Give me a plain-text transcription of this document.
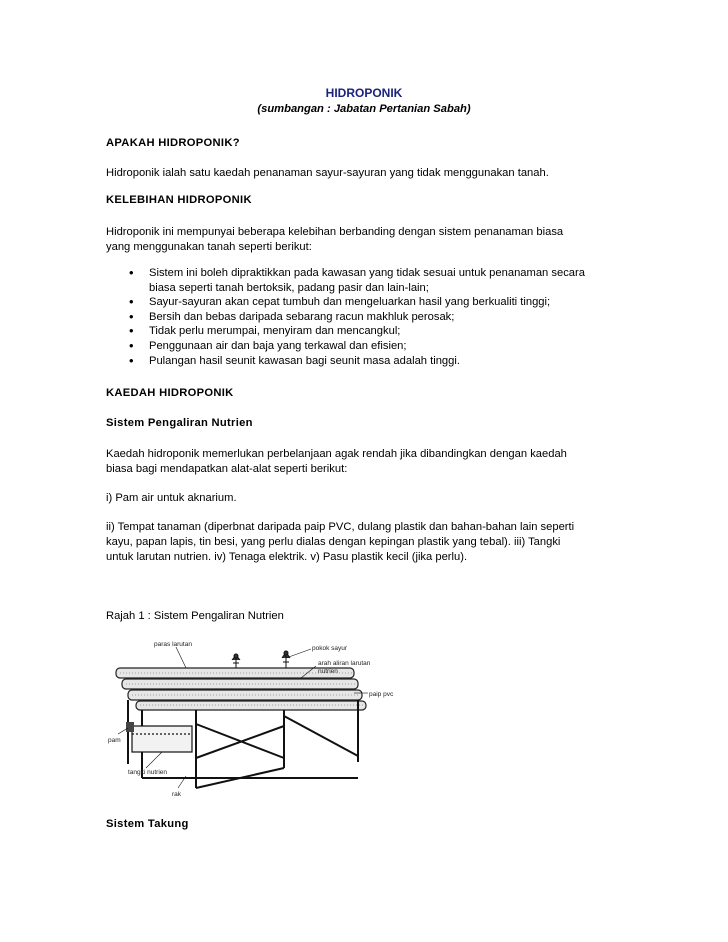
HIDROPONIK
(sumbangan : Jabatan Pertanian Sabah)
APAKAH HIDROPONIK?
Hidroponik ialah satu kaedah penanaman sayur-sayuran yang tidak menggunakan tanah.
KELEBIHAN HIDROPONIK
Hidroponik ini mempunyai beberapa kelebihan berbanding dengan sistem penanaman biasa
yang menggunakan tanah seperti berikut:
• Sistem ini boleh dipraktikkan pada kawasan yang tidak sesuai untuk penanaman secara
biasa seperti tanah bertoksik, padang pasir dan lain-lain;
• Sayur-sayuran akan cepat tumbuh dan mengeluarkan hasil yang berkualiti tinggi;
• Bersih dan bebas daripada sebarang racun makhluk perosak;
• Tidak perlu merumpai, menyiram dan mencangkul;
• Penggunaan air dan baja yang terkawal dan efisien;
• Pulangan hasil seunit kawasan bagi seunit masa adalah tinggi.
KAEDAH HIDROPONIK
Sistem Pengaliran Nutrien
Kaedah hidroponik memerlukan perbelanjaan agak rendah jika dibandingkan dengan kaedah
biasa bagi mendapatkan alat-alat seperti berikut:
i) Pam air untuk aknarium.
ii) Tempat tanaman (diperbnat daripada paip PVC, dulang plastik dan bahan-bahan lain seperti
kayu, papan lapis, tin besi, yang perlu dialas dengan kepingan plastik yang tebal). iii) Tangki
untuk larutan nutrien. iv) Tenaga elektrik. v) Pasu plastik kecil (jika perlu).
Rajah 1 : Sistem Pengaliran Nutrien
paras larutan
pokok sayur
arah aliran larutan
nutrien
paip pvc
pam
tangki nutrien
rak
Sistem Takung
